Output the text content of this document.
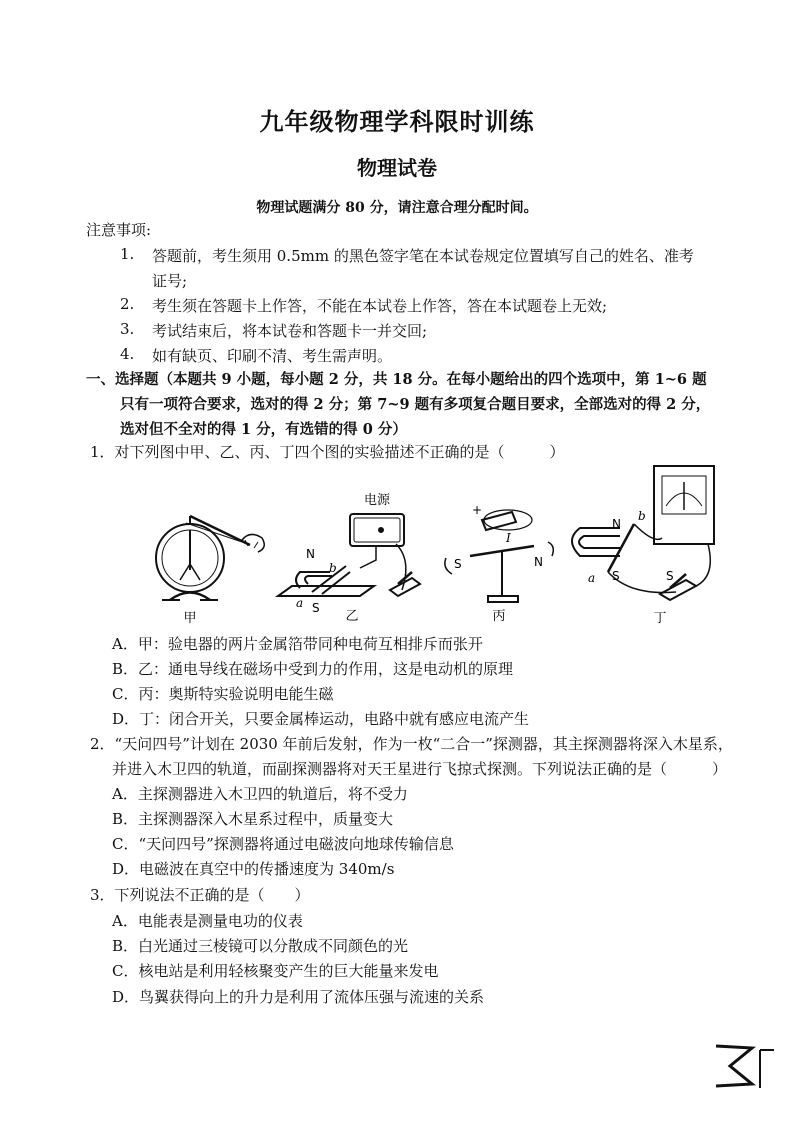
九年级物理学科限时训练
物理试卷
物理试题满分 80 分，请注意合理分配时间。
注意事项:
1. 答题前，考生须用 0.5mm 的黑色签字笔在本试卷规定位置填写自己的姓名、准考
证号;
2. 考生须在答题卡上作答，不能在本试卷上作答，答在本试题卷上无效;
3. 考试结束后，将本试卷和答题卡一并交回;
4. 如有缺页、印刷不清、考生需声明。
一、选择题（本题共 9 小题，每小题 2 分，共 18 分。在每小题给出的四个选项中，第 1~6 题
只有一项符合要求，选对的得 2 分；第 7~9 题有多项复合题目要求，全部选对的得 2 分，
选对但不全对的得 1 分，有选错的得 0 分）
1．对下列图中甲、乙、丙、丁四个图的实验描述不正确的是（　　　）
甲
电源
N
b
a S
乙
+
I
S	N
丙
N
b
a S	S
丁
A．甲：验电器的两片金属箔带同种电荷互相排斥而张开
B．乙：通电导线在磁场中受到力的作用，这是电动机的原理
C．丙：奥斯特实验说明电能生磁
D．丁：闭合开关，只要金属棒运动，电路中就有感应电流产生
2．“天问四号”计划在 2030 年前后发射，作为一枚“二合一”探测器，其主探测器将深入木星系，
并进入木卫四的轨道，而副探测器将对天王星进行飞掠式探测。下列说法正确的是（　　　）
A．主探测器进入木卫四的轨道后，将不受力
B．主探测器深入木星系过程中，质量变大
C．“天问四号”探测器将通过电磁波向地球传输信息
D．电磁波在真空中的传播速度为 340m/s
3．下列说法不正确的是（　　）
A．电能表是测量电功的仪表
B．白光通过三棱镜可以分散成不同颜色的光
C．核电站是利用轻核聚变产生的巨大能量来发电
D．鸟翼获得向上的升力是利用了流体压强与流速的关系
